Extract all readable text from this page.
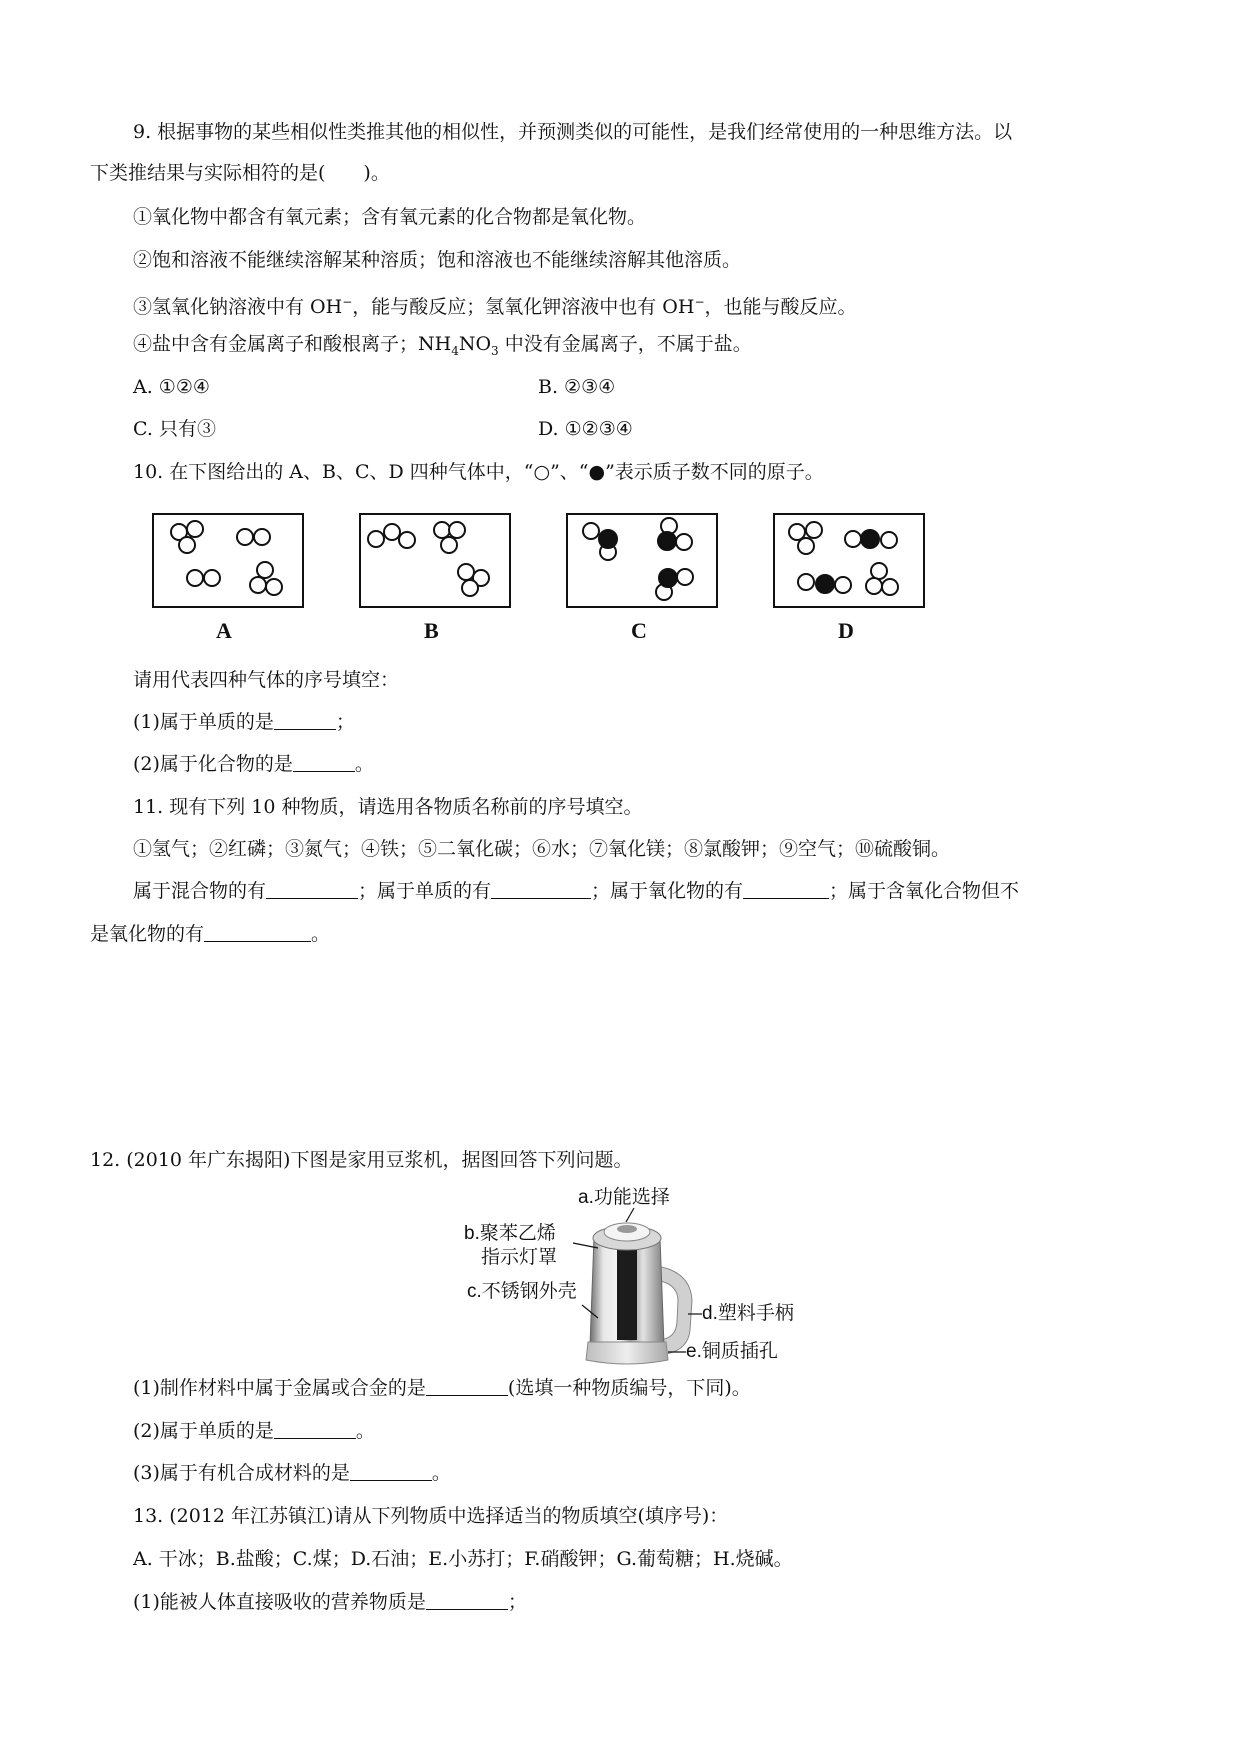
9. 根据事物的某些相似性类推其他的相似性，并预测类似的可能性，是我们经常使用的一种思维方法。以
下类推结果与实际相符的是(　　)。
①氧化物中都含有氧元素；含有氧元素的化合物都是氧化物。
②饱和溶液不能继续溶解某种溶质；饱和溶液也不能继续溶解其他溶质。
③氢氧化钠溶液中有 OH−，能与酸反应；氢氧化钾溶液中也有 OH−，也能与酸反应。
④盐中含有金属离子和酸根离子；$NH_4NO_3$ 中没有金属离子，不属于盐。
A. ①②④	B. ②③④
C. 只有③	D. ①②③④
10. 在下图给出的 A、B、C、D 四种气体中，“○”、“●”表示质子数不同的原子。
A	B	C	D
请用代表四种气体的序号填空：
(1)属于单质的是	；
(2)属于化合物的是	。
11. 现有下列 10 种物质，请选用各物质名称前的序号填空。
①氢气；②红磷；③氮气；④铁；⑤二氧化碳；⑥水；⑦氧化镁；⑧氯酸钾；⑨空气；⑩硫酸铜。
属于混合物的有	；属于单质的有	；属于氧化物的有	；属于含氧化合物但不
是氧化物的有	。
12. (2010 年广东揭阳)下图是家用豆浆机，据图回答下列问题。
a.功能选择
b.聚苯乙烯
指示灯罩
c.不锈钢外壳
d.塑料手柄
e.铜质插孔
(1)制作材料中属于金属或合金的是	(选填一种物质编号，下同)。
(2)属于单质的是	。
(3)属于有机合成材料的是	。
13. (2012 年江苏镇江)请从下列物质中选择适当的物质填空(填序号)：
A. 干冰；B.盐酸；C.煤；D.石油；E.小苏打；F.硝酸钾；G.葡萄糖；H.烧碱。
(1)能被人体直接吸收的营养物质是	；
